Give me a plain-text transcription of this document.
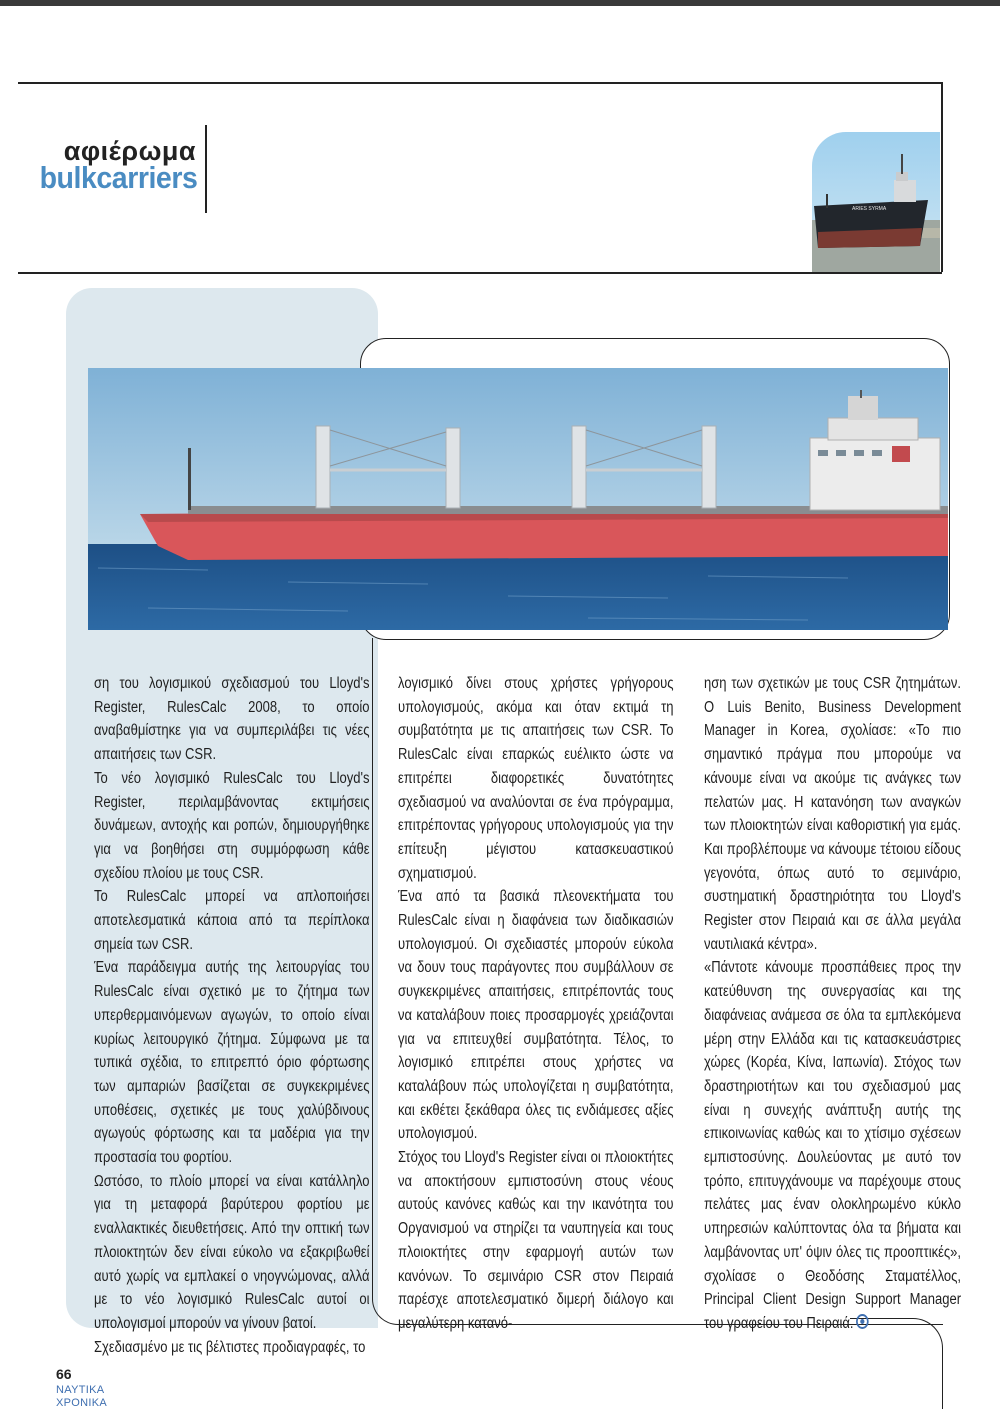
αφιέρωμα
bulkcarriers
ARIES SYRMA

ση του λογισμικού σχεδιασμού του Lloyd's Register, RulesCalc 2008, το οποίο αναβαθμίστηκε για να συμπεριλάβει τις νέες απαιτήσεις των CSR.

Το νέο λογισμικό RulesCalc του Lloyd's Register, περιλαμβάνοντας εκτιμήσεις δυνάμεων, αντοχής και ροπών, δημιουργήθηκε για να βοηθήσει στη συμμόρφωση κάθε σχεδίου πλοίου με τους CSR.

Το RulesCalc μπορεί να απλοποιήσει αποτελεσματικά κάποια από τα περίπλοκα σημεία των CSR.

Ένα παράδειγμα αυτής της λειτουργίας του RulesCalc είναι σχετικό με το ζήτημα των υπερθερμαινόμενων αγωγών, το οποίο είναι κυρίως λειτουργικό ζήτημα. Σύμφωνα με τα τυπικά σχέδια, το επιτρεπτό όριο φόρτωσης των αμπαριών βασίζεται σε συγκεκριμένες υποθέσεις, σχετικές με τους χαλύβδινους αγωγούς φόρτωσης και τα μαδέρια για την προστασία του φορτίου.

Ωστόσο, το πλοίο μπορεί να είναι κατάλληλο για τη μεταφορά βαρύτερου φορτίου με εναλλακτικές διευθετήσεις. Από την οπτική των πλοιοκτητών δεν είναι εύκολο να εξακριβωθεί αυτό χωρίς να εμπλακεί ο νηογνώμονας, αλλά με το νέο λογισμικό RulesCalc αυτοί οι υπολογισμοί μπορούν να γίνουν βατοί.

Σχεδιασμένο με τις βέλτιστες προδιαγραφές, το

λογισμικό δίνει στους χρήστες γρήγορους υπολογισμούς, ακόμα και όταν εκτιμά τη συμβατότητα με τις απαιτήσεις των CSR. Το RulesCalc είναι επαρκώς ευέλικτο ώστε να επιτρέπει διαφορετικές δυνατότητες σχεδιασμού να αναλύονται σε ένα πρόγραμμα, επιτρέποντας γρήγορους υπολογισμούς για την επίτευξη μέγιστου κατασκευαστικού σχηματισμού.

Ένα από τα βασικά πλεονεκτήματα του RulesCalc είναι η διαφάνεια των διαδικασιών υπολογισμού. Οι σχεδιαστές μπορούν εύκολα να δουν τους παράγοντες που συμβάλλουν σε συγκεκριμένες απαιτήσεις, επιτρέποντάς τους να καταλάβουν ποιες προσαρμογές χρειάζονται για να επιτευχθεί συμβατότητα. Τέλος, το λογισμικό επιτρέπει στους χρήστες να καταλάβουν πώς υπολογίζεται η συμβατότητα, και εκθέτει ξεκάθαρα όλες τις ενδιάμεσες αξίες υπολογισμού.

Στόχος του Lloyd's Register είναι οι πλοιοκτήτες να αποκτήσουν εμπιστοσύνη στους νέους αυτούς κανόνες καθώς και την ικανότητα του Οργανισμού να στηρίζει τα ναυπηγεία και τους πλοιοκτήτες στην εφαρμογή αυτών των κανόνων. Το σεμινάριο CSR στον Πειραιά παρέσχε αποτελεσματικό διμερή διάλογο και μεγαλύτερη κατανό-

ηση των σχετικών με τους CSR ζητημάτων. Ο Luis Benito, Business Development Manager in Korea, σχολίασε: «Το πιο σημαντικό πράγμα που μπορούμε να κάνουμε είναι να ακούμε τις ανάγκες των πελατών μας. Η κατανόηση των αναγκών των πλοιοκτητών είναι καθοριστική για εμάς. Και προβλέπουμε να κάνουμε τέτοιου είδους γεγονότα, όπως αυτό το σεμινάριο, συστηματική δραστηριότητα του Lloyd's Register στον Πειραιά και σε άλλα μεγάλα ναυτιλιακά κέντρα».

«Πάντοτε κάνουμε προσπάθειες προς την κατεύθυνση της συνεργασίας και της διαφάνειας ανάμεσα σε όλα τα εμπλεκόμενα μέρη στην Ελλάδα και τις κατασκευάστριες χώρες (Κορέα, Κίνα, Ιαπωνία). Στόχος των δραστηριοτήτων και του σχεδιασμού μας είναι η συνεχής ανάπτυξη αυτής της επικοινωνίας καθώς και το χτίσιμο σχέσεων εμπιστοσύνης. Δουλεύοντας με αυτό τον τρόπο, επιτυγχάνουμε να παρέχουμε στους πελάτες μας έναν ολοκληρωμένο κύκλο υπηρεσιών καλύπτοντας όλα τα βήματα και λαμβάνοντας υπ' όψιν όλες τις προοπτικές», σχολίασε ο Θεοδόσης Σταματέλλος, Principal Client Design Support Manager του γραφείου του Πειραιά.

66
ΝΑΥΤΙΚΑ
ΧΡΟΝΙΚΑ
